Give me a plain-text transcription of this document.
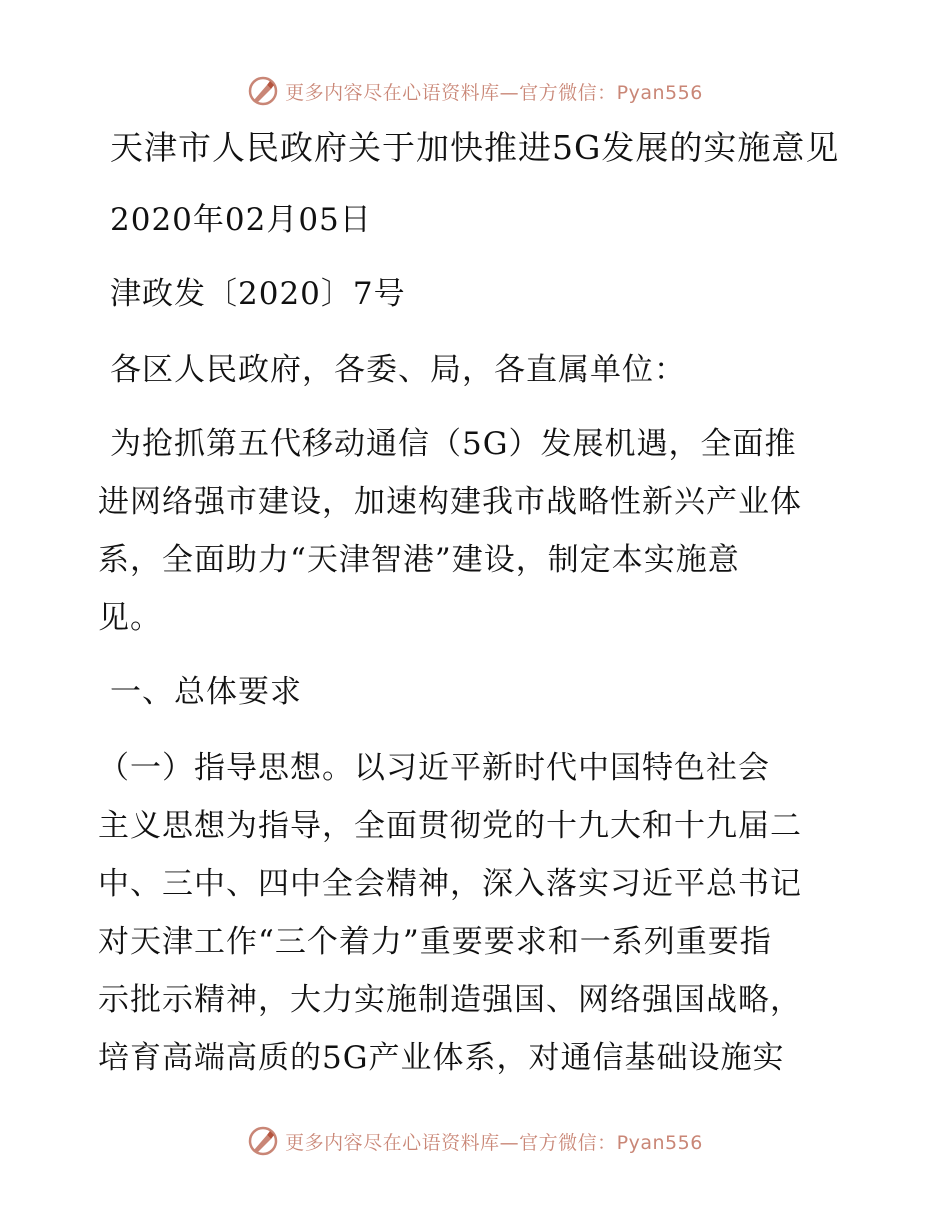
更多内容尽在心语资料库—官方微信：Pyan556
天津市人民政府关于加快推进5G发展的实施意见
2020年02月05日
津政发〔2020〕7号
各区人民政府，各委、局，各直属单位：
为抢抓第五代移动通信（5G）发展机遇，全面推
进网络强市建设，加速构建我市战略性新兴产业体
系，全面助力“天津智港”建设，制定本实施意
见。
一、总体要求
（一）指导思想。以习近平新时代中国特色社会
主义思想为指导，全面贯彻党的十九大和十九届二
中、三中、四中全会精神，深入落实习近平总书记
对天津工作“三个着力”重要要求和一系列重要指
示批示精神，大力实施制造强国、网络强国战略，
培育高端高质的5G产业体系，对通信基础设施实
更多内容尽在心语资料库—官方微信：Pyan556
